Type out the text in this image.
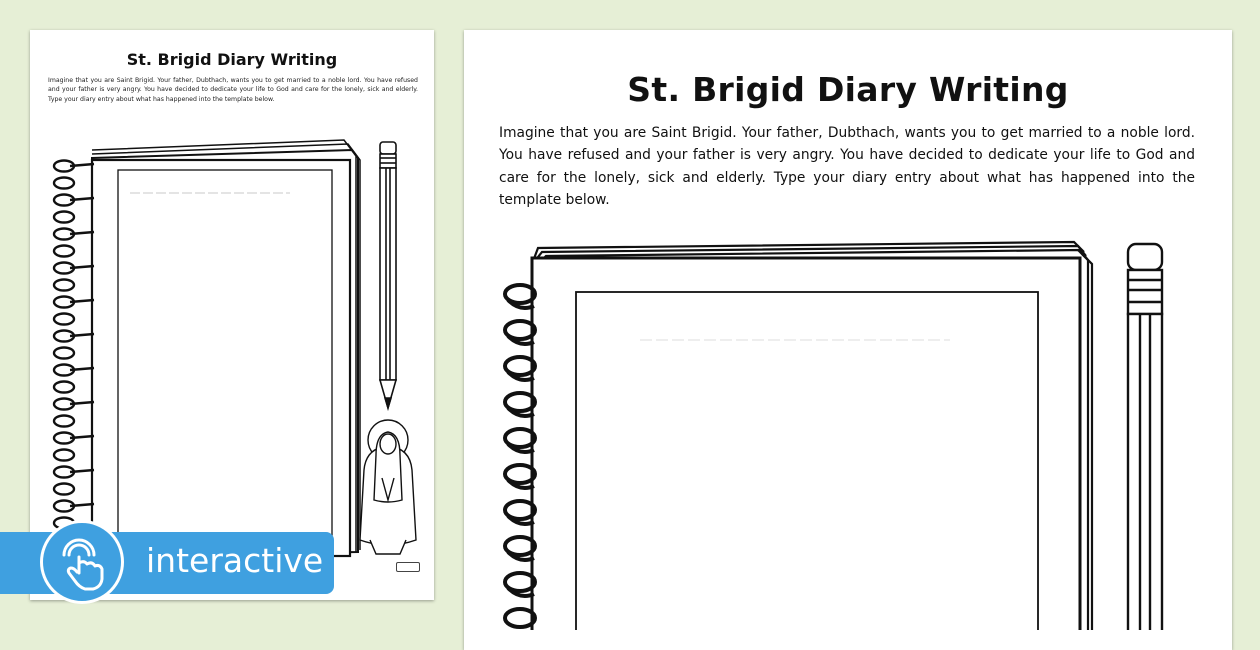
St. Brigid Diary Writing
Imagine that you are Saint Brigid. Your father, Dubthach, wants you to get married to a noble lord. You have refused and your father is very angry. You have decided to dedicate your life to God and care for the lonely, sick and elderly. Type your diary entry about what has happened into the template below.	St. Brigid Diary Writing
Imagine that you are Saint Brigid. Your father, Dubthach, wants you to get married to a noble lord. You have refused and your father is very angry. You have decided to dedicate your life to God and care for the lonely, sick and elderly. Type your diary entry about what has happened into the template below.
interactive
